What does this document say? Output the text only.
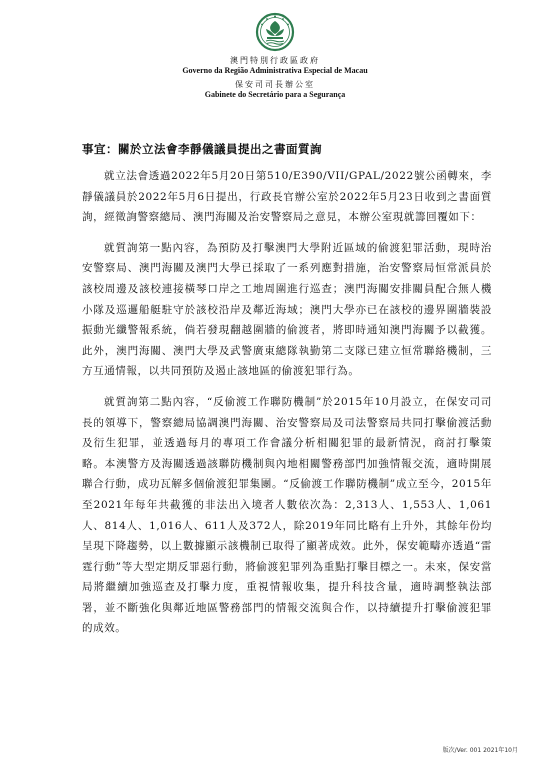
澳門特別行政區政府

Governo da Região Administrativa Especial de Macau

保安司司長辦公室

Gabinete do Secretário para a Segurança

事宜：關於立法會李靜儀議員提出之書面質詢

就立法會透過2022年5月20日第510/E390/VII/GPAL/2022號公函轉來，李靜儀議員於2022年5月6日提出，行政長官辦公室於2022年5月23日收到之書面質詢，經徵詢警察總局、澳門海關及治安警察局之意見，本辦公室現就籌回覆如下：

就質詢第一點內容，為預防及打擊澳門大學附近區域的偷渡犯罪活動，現時治安警察局、澳門海關及澳門大學已採取了一系列應對措施，治安警察局恒常派員於該校周邊及該校連接橫琴口岸之工地周圍進行巡查；澳門海關安排關員配合無人機小隊及巡邏船艇駐守於該校沿岸及鄰近海域；澳門大學亦已在該校的邊界圍牆裝設振動光纖警報系統，倘若發現翻越圍牆的偷渡者，將即時通知澳門海關予以截獲。此外，澳門海關、澳門大學及武警廣東總隊執勤第二支隊已建立恒常聯絡機制，三方互通情報，以共同預防及遏止該地區的偷渡犯罪行為。

就質詢第二點內容，“反偷渡工作聯防機制”於2015年10月設立，在保安司司長的領導下，警察總局協調澳門海關、治安警察局及司法警察局共同打擊偷渡活動及衍生犯罪，並透過每月的專項工作會議分析相關犯罪的最新情況，商討打擊策略。本澳警方及海關透過該聯防機制與內地相關警務部門加強情報交流，適時開展聯合行動，成功瓦解多個偷渡犯罪集團。“反偷渡工作聯防機制”成立至今，2015年至2021年每年共截獲的非法出入境者人數依次為：2,313人、1,553人、1,061人、814人、1,016人、611人及372人，除2019年同比略有上升外，其餘年份均呈現下降趨勢，以上數據顯示該機制已取得了顯著成效。此外，保安範疇亦透過“雷霆行動”等大型定期反罪惡行動，將偷渡犯罪列為重點打擊目標之一。未來，保安當局將繼續加強巡查及打擊力度，重視情報收集，提升科技含量，適時調整執法部署，並不斷強化與鄰近地區警務部門的情報交流與合作，以持續提升打擊偷渡犯罪的成效。

版次/Ver. 001 2021年10月
